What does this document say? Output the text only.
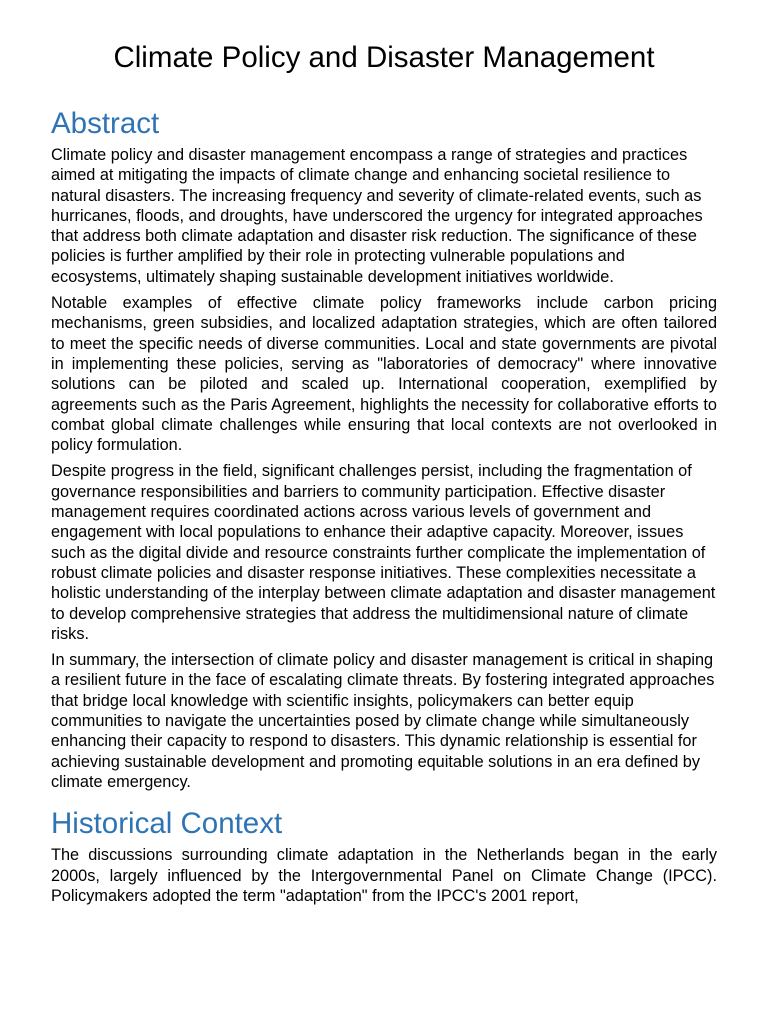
Climate Policy and Disaster Management
Abstract

Climate policy and disaster management encompass a range of strategies and practices aimed at mitigating the impacts of climate change and enhancing societal resilience to natural disasters. The increasing frequency and severity of climate-related events, such as hurricanes, floods, and droughts, have underscored the urgency for integrated approaches that address both climate adaptation and disaster risk reduction. The significance of these policies is further amplified by their role in protecting vulnerable populations and ecosystems, ultimately shaping sustainable development initiatives worldwide.

Notable examples of effective climate policy frameworks include carbon pricing mechanisms, green subsidies, and localized adaptation strategies, which are often tailored to meet the specific needs of diverse communities. Local and state governments are pivotal in implementing these policies, serving as "laboratories of democracy" where innovative solutions can be piloted and scaled up. International cooperation, exemplified by agreements such as the Paris Agreement, highlights the necessity for collaborative efforts to combat global climate challenges while ensuring that local contexts are not overlooked in policy formulation.

Despite progress in the field, significant challenges persist, including the fragmentation of governance responsibilities and barriers to community participation. Effective disaster management requires coordinated actions across various levels of government and engagement with local populations to enhance their adaptive capacity. Moreover, issues such as the digital divide and resource constraints further complicate the implementation of robust climate policies and disaster response initiatives. These complexities necessitate a holistic understanding of the interplay between climate adaptation and disaster management to develop comprehensive strategies that address the multidimensional nature of climate risks.

In summary, the intersection of climate policy and disaster management is critical in shaping a resilient future in the face of escalating climate threats. By fostering integrated approaches that bridge local knowledge with scientific insights, policymakers can better equip communities to navigate the uncertainties posed by climate change while simultaneously enhancing their capacity to respond to disasters. This dynamic relationship is essential for achieving sustainable development and promoting equitable solutions in an era defined by climate emergency.

Historical Context

The discussions surrounding climate adaptation in the Netherlands began in the early 2000s, largely influenced by the Intergovernmental Panel on Climate Change (IPCC). Policymakers adopted the term "adaptation" from the IPCC's 2001 report,
